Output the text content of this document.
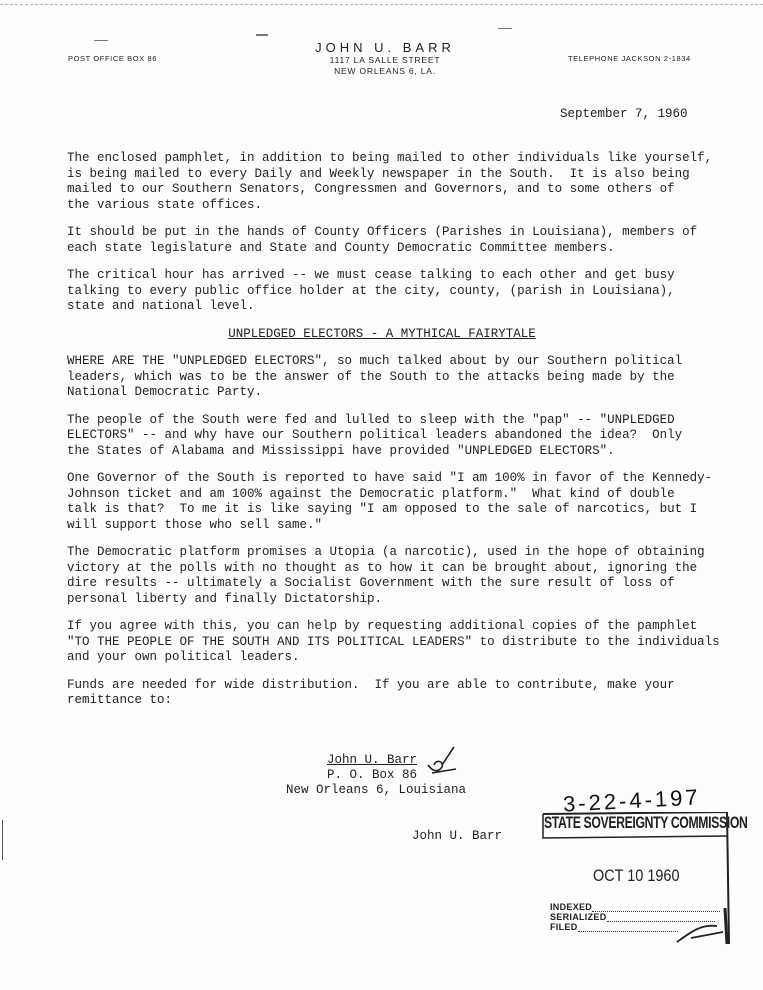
POST OFFICE BOX 86
JOHN U. BARR
1117 LA SALLE STREET
NEW ORLEANS 6, LA.
TELEPHONE JACKSON 2-1834
September 7, 1960

The enclosed pamphlet, in addition to being mailed to other individuals like yourself,
is being mailed to every Daily and Weekly newspaper in the South.  It is also being
mailed to our Southern Senators, Congressmen and Governors, and to some others of
the various state offices.

It should be put in the hands of County Officers (Parishes in Louisiana), members of
each state legislature and State and County Democratic Committee members.

The critical hour has arrived -- we must cease talking to each other and get busy
talking to every public office holder at the city, county, (parish in Louisiana),
state and national level.

UNPLEDGED ELECTORS - A MYTHICAL FAIRYTALE

WHERE ARE THE "UNPLEDGED ELECTORS", so much talked about by our Southern political
leaders, which was to be the answer of the South to the attacks being made by the
National Democratic Party.

The people of the South were fed and lulled to sleep with the "pap" -- "UNPLEDGED
ELECTORS" -- and why have our Southern political leaders abandoned the idea?  Only
the States of Alabama and Mississippi have provided "UNPLEDGED ELECTORS".

One Governor of the South is reported to have said "I am 100% in favor of the Kennedy-
Johnson ticket and am 100% against the Democratic platform."  What kind of double
talk is that?  To me it is like saying "I am opposed to the sale of narcotics, but I
will support those who sell same."

The Democratic platform promises a Utopia (a narcotic), used in the hope of obtaining
victory at the polls with no thought as to how it can be brought about, ignoring the
dire results -- ultimately a Socialist Government with the sure result of loss of
personal liberty and finally Dictatorship.

If you agree with this, you can help by requesting additional copies of the pamphlet
"TO THE PEOPLE OF THE SOUTH AND ITS POLITICAL LEADERS" to distribute to the individuals
and your own political leaders.

Funds are needed for wide distribution.  If you are able to contribute, make your
remittance to:

John U. Barr
P. O. Box 86
New Orleans 6, Louisiana
John U. Barr
3-22-4-197
STATE SOVEREIGNTY COMMISSION
OCT 10 1960
INDEXED
SERIALIZED
FILED
